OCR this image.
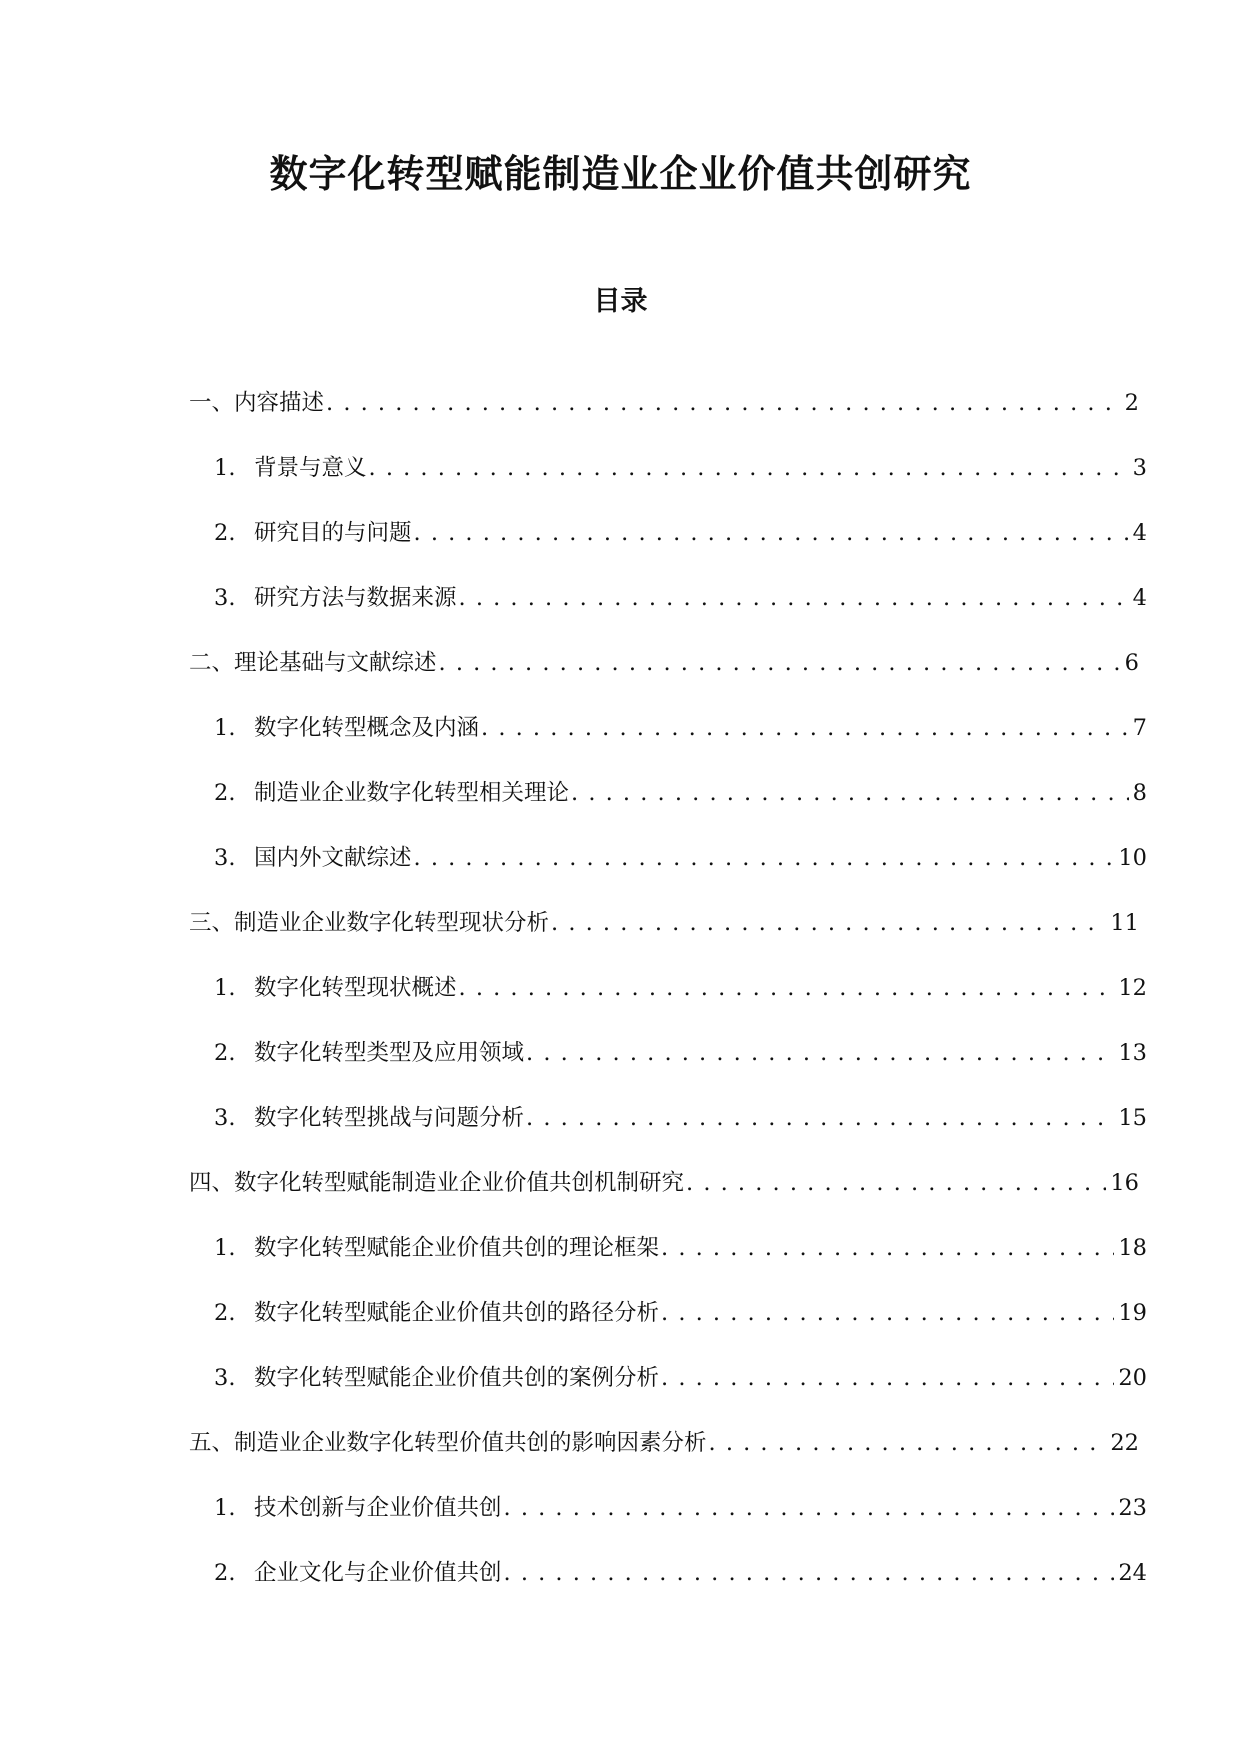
数字化转型赋能制造业企业价值共创研究
目录
一、内容描述 . . .	2
1. 背景与意义 . . .	3
2. 研究目的与问题 . . .	4
3. 研究方法与数据来源 . . .	4
二、理论基础与文献综述 . . .	6
1. 数字化转型概念及内涵 . . .	7
2. 制造业企业数字化转型相关理论 . . .	8
3. 国内外文献综述 . . .	10
三、制造业企业数字化转型现状分析 . . .	11
1. 数字化转型现状概述 . . .	12
2. 数字化转型类型及应用领域 . . .	13
3. 数字化转型挑战与问题分析 . . .	15
四、数字化转型赋能制造业企业价值共创机制研究 . . .	16
1. 数字化转型赋能企业价值共创的理论框架 . . .	18
2. 数字化转型赋能企业价值共创的路径分析 . . .	19
3. 数字化转型赋能企业价值共创的案例分析 . . .	20
五、制造业企业数字化转型价值共创的影响因素分析 . . .	22
1. 技术创新与企业价值共创 . . .	23
2. 企业文化与企业价值共创 . . .	24
